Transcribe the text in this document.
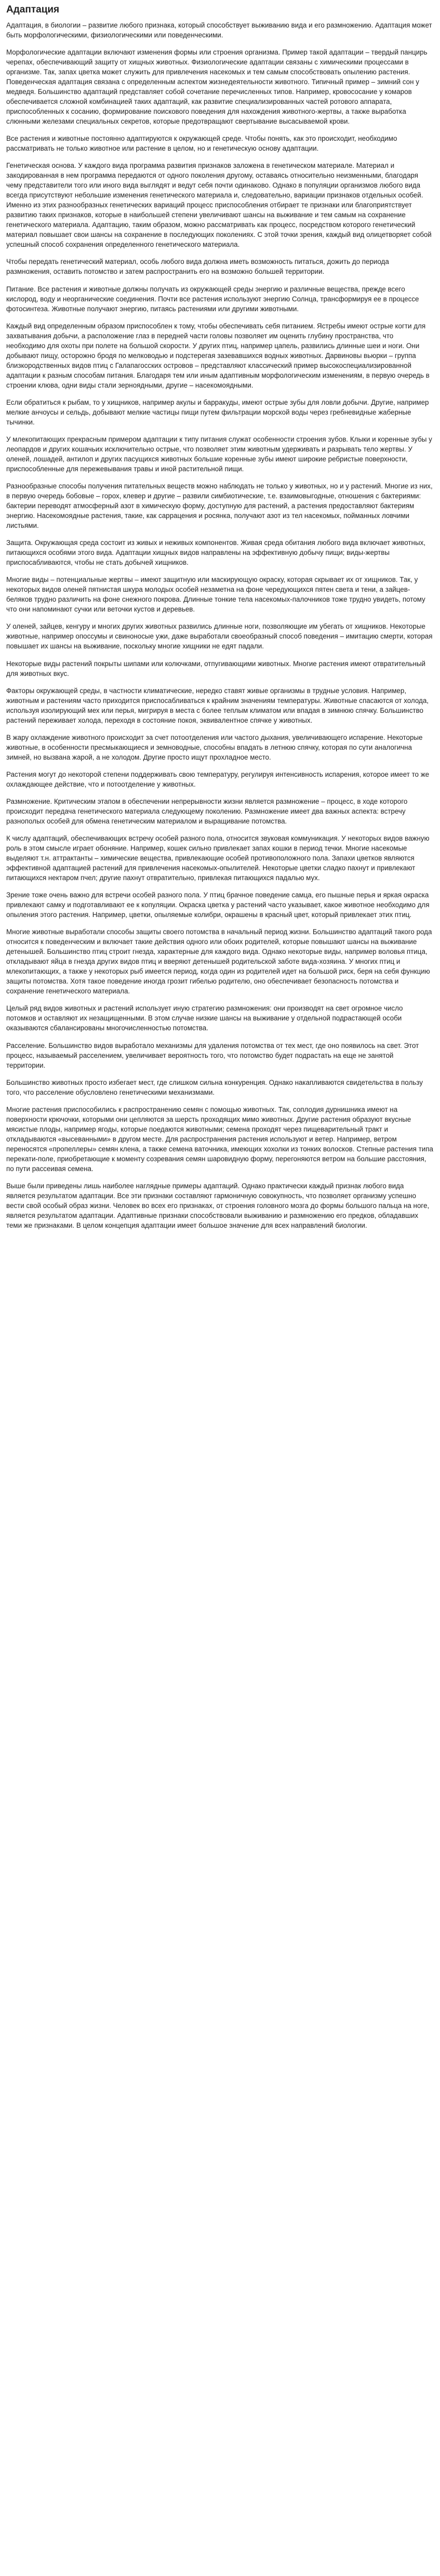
Адаптация

Адаптация, в биологии – развитие любого признака, который способствует выживанию вида и его размножению. Адаптация может быть морфологическими, физиологическими или поведенческими.

Морфологические адаптации включают изменения формы или строения организма. Пример такой адаптации – твердый панцирь черепах, обеспечивающий защиту от хищных животных. Физиологические адаптации связаны с химическими процессами в организме. Так, запах цветка может служить для привлечения насекомых и тем самым способствовать опылению растения. Поведенческая адаптация связана с определенным аспектом жизнедеятельности животного. Типичный пример – зимний сон у медведя. Большинство адаптаций представляет собой сочетание перечисленных типов. Например, кровососание у комаров обеспечивается сложной комбинацией таких адаптаций, как развитие специализированных частей ротового аппарата, приспособленных к сосанию, формирование поискового поведения для нахождения животного-жертвы, а также выработка слюнными железами специальных секретов, которые предотвращают свертывание высасываемой крови.

Все растения и животные постоянно адаптируются к окружающей среде. Чтобы понять, как это происходит, необходимо рассматривать не только животное или растение в целом, но и генетическую основу адаптации.

Генетическая основа. У каждого вида программа развития признаков заложена в генетическом материале. Материал и закодированная в нем программа передаются от одного поколения другому, оставаясь относительно неизменными, благодаря чему представители того или иного вида выглядят и ведут себя почти одинаково. Однако в популяции организмов любого вида всегда присутствуют небольшие изменения генетического материала и, следовательно, вариации признаков отдельных особей. Именно из этих разнообразных генетических вариаций процесс приспособления отбирает те признаки или благоприятствует развитию таких признаков, которые в наибольшей степени увеличивают шансы на выживание и тем самым на сохранение генетического материала. Адаптацию, таким образом, можно рассматривать как процесс, посредством которого генетический материал повышает свои шансы на сохранение в последующих поколениях. С этой точки зрения, каждый вид олицетворяет собой успешный способ сохранения определенного генетического материала.

Чтобы передать генетический материал, особь любого вида должна иметь возможность питаться, дожить до периода размножения, оставить потомство и затем распространить его на возможно большей территории.

Питание. Все растения и животные должны получать из окружающей среды энергию и различные вещества, прежде всего кислород, воду и неорганические соединения. Почти все растения используют энергию Солнца, трансформируя ее в процессе фотосинтеза. Животные получают энергию, питаясь растениями или другими животными.

Каждый вид определенным образом приспособлен к тому, чтобы обеспечивать себя питанием. Ястребы имеют острые когти для захватывания добычи, а расположение глаз в передней части головы позволяет им оценить глубину пространства, что необходимо для охоты при полете на большой скорости. У других птиц, например цапель, развились длинные шеи и ноги. Они добывают пищу, осторожно бродя по мелководью и подстерегая зазевавшихся водных животных. Дарвиновы вьюрки – группа близкородственных видов птиц с Галапагосских островов – представляют классический пример высокоспециализированной адаптации к разным способам питания. Благодаря тем или иным адаптивным морфологическим изменениям, в первую очередь в строении клюва, одни виды стали зерноядными, другие – насекомоядными.

Если обратиться к рыбам, то у хищников, например акулы и барракуды, имеют острые зубы для ловли добычи. Другие, например мелкие анчоусы и сельдь, добывают мелкие частицы пищи путем фильтрации морской воды через гребневидные жаберные тычинки.

У млекопитающих прекрасным примером адаптации к типу питания служат особенности строения зубов. Клыки и коренные зубы у леопардов и других кошачьих исключительно острые, что позволяет этим животным удерживать и разрывать тело жертвы. У оленей, лошадей, антилоп и других пасущихся животных большие коренные зубы имеют широкие ребристые поверхности, приспособленные для пережевывания травы и иной растительной пищи.

Разнообразные способы получения питательных веществ можно наблюдать не только у животных, но и у растений. Многие из них, в первую очередь бобовые – горох, клевер и другие – развили симбиотические, т.е. взаимовыгодные, отношения с бактериями: бактерии переводят атмосферный азот в химическую форму, доступную для растений, а растения предоставляют бактериям энергию. Насекомоядные растения, такие, как саррацения и росянка, получают азот из тел насекомых, пойманных ловчими листьями.

Защита. Окружающая среда состоит из живых и неживых компонентов. Живая среда обитания любого вида включает животных, питающихся особями этого вида. Адаптации хищных видов направлены на эффективную добычу пищи; виды-жертвы приспосабливаются, чтобы не стать добычей хищников.

Многие виды – потенциальные жертвы – имеют защитную или маскирующую окраску, которая скрывает их от хищников. Так, у некоторых видов оленей пятнистая шкура молодых особей незаметна на фоне чередующихся пятен света и тени, а зайцев-беляков трудно различить на фоне снежного покрова. Длинные тонкие тела насекомых-палочников тоже трудно увидеть, потому что они напоминают сучки или веточки кустов и деревьев.

У оленей, зайцев, кенгуру и многих других животных развились длинные ноги, позволяющие им убегать от хищников. Некоторые животные, например опоссумы и свиноносые ужи, даже выработали своеобразный способ поведения – имитацию смерти, которая повышает их шансы на выживание, поскольку многие хищники не едят падали.

Некоторые виды растений покрыты шипами или колючками, отпугивающими животных. Многие растения имеют отвратительный для животных вкус.

Факторы окружающей среды, в частности климатические, нередко ставят живые организмы в трудные условия. Например, животным и растениям часто приходится приспосабливаться к крайним значениям температуры. Животные спасаются от холода, используя изолирующий мех или перья, мигрируя в места с более теплым климатом или впадая в зимнюю спячку. Большинство растений переживает холода, переходя в состояние покоя, эквивалентное спячке у животных.

В жару охлаждение животного происходит за счет потоотделения или частого дыхания, увеличивающего испарение. Некоторые животные, в особенности пресмыкающиеся и земноводные, способны впадать в летнюю спячку, которая по сути аналогична зимней, но вызвана жарой, а не холодом. Другие просто ищут прохладное место.

Растения могут до некоторой степени поддерживать свою температуру, регулируя интенсивность испарения, которое имеет то же охлаждающее действие, что и потоотделение у животных.

Размножение. Критическим этапом в обеспечении непрерывности жизни является размножение – процесс, в ходе которого происходит передача генетического материала следующему поколению. Размножение имеет два важных аспекта: встречу разнополых особей для обмена генетическим материалом и выращивание потомства.

К числу адаптаций, обеспечивающих встречу особей разного пола, относится звуковая коммуникация. У некоторых видов важную роль в этом смысле играет обоняние. Например, кошек сильно привлекает запах кошки в период течки. Многие насекомые выделяют т.н. аттрактанты – химические вещества, привлекающие особей противоположного пола. Запахи цветков являются эффективной адаптацией растений для привлечения насекомых-опылителей. Некоторые цветки сладко пахнут и привлекают питающихся нектаром пчел; другие пахнут отвратительно, привлекая питающихся падалью мух.

Зрение тоже очень важно для встречи особей разного пола. У птиц брачное поведение самца, его пышные перья и яркая окраска привлекают самку и подготавливают ее к копуляции. Окраска цветка у растений часто указывает, какое животное необходимо для опыления этого растения. Например, цветки, опыляемые колибри, окрашены в красный цвет, который привлекает этих птиц.

Многие животные выработали способы защиты своего потомства в начальный период жизни. Большинство адаптаций такого рода относится к поведенческим и включает такие действия одного или обоих родителей, которые повышают шансы на выживание детенышей. Большинство птиц строит гнезда, характерные для каждого вида. Однако некоторые виды, например воловья птица, откладывают яйца в гнезда других видов птиц и вверяют детенышей родительской заботе вида-хозяина. У многих птиц и млекопитающих, а также у некоторых рыб имеется период, когда один из родителей идет на большой риск, беря на себя функцию защиты потомства. Хотя такое поведение иногда грозит гибелью родителю, оно обеспечивает безопасность потомства и сохранение генетического материала.

Целый ряд видов животных и растений использует иную стратегию размножения: они производят на свет огромное число потомков и оставляют их незащищенными. В этом случае низкие шансы на выживание у отдельной подрастающей особи оказываются сбалансированы многочисленностью потомства.

Расселение. Большинство видов выработало механизмы для удаления потомства от тех мест, где оно появилось на свет. Этот процесс, называемый расселением, увеличивает вероятность того, что потомство будет подрастать на еще не занятой территории.

Большинство животных просто избегает мест, где слишком сильна конкуренция. Однако накапливаются свидетельства в пользу того, что расселение обусловлено генетическими механизмами.

Многие растения приспособились к распространению семян с помощью животных. Так, соплодия дурнишника имеют на поверхности крючочки, которыми они цепляются за шерсть проходящих мимо животных. Другие растения образуют вкусные мясистые плоды, например ягоды, которые поедаются животными; семена проходят через пищеварительный тракт и откладываются «высеванными» в другом месте. Для распространения растения используют и ветер. Например, ветром переносятся «пропеллеры» семян клена, а также семена ваточника, имеющих хохолки из тонких волосков. Степные растения типа перекати-поле, приобретающие к моменту созревания семян шаровидную форму, перегоняются ветром на большие расстояния, по пути рассеивая семена.

Выше были приведены лишь наиболее наглядные примеры адаптаций. Однако практически каждый признак любого вида является результатом адаптации. Все эти признаки составляют гармоничную совокупность, что позволяет организму успешно вести свой особый образ жизни. Человек во всех его признаках, от строения головного мозга до формы большого пальца на ноге, является результатом адаптации. Адаптивные признаки способствовали выживанию и размножению его предков, обладавших теми же признаками. В целом концепция адаптации имеет большое значение для всех направлений биологии.
